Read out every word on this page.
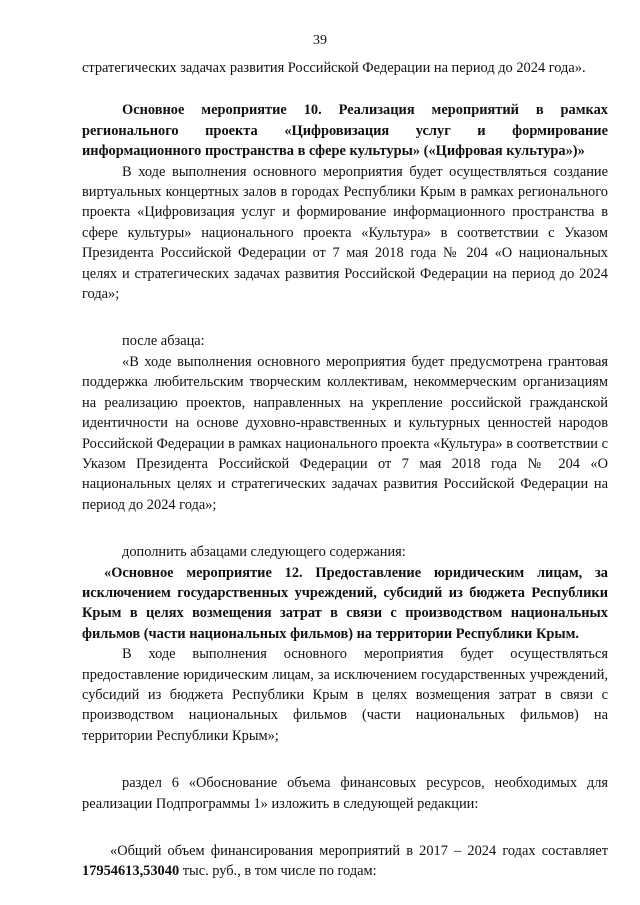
39

стратегических задачах развития Российской Федерации на период до 2024 года».

Основное мероприятие 10. Реализация мероприятий в рамках регионального проекта «Цифровизация услуг и формирование информационного пространства в сфере культуры» («Цифровая культура»)»

В ходе выполнения основного мероприятия будет осуществляться создание виртуальных концертных залов в городах Республики Крым в рамках регионального проекта «Цифровизация услуг и формирование информационного пространства в сфере культуры» национального проекта «Культура» в соответствии с Указом Президента Российской Федерации от 7 мая 2018 года № 204 «О национальных целях и стратегических задачах развития Российской Федерации на период до 2024 года»;

после абзаца:

«В ходе выполнения основного мероприятия будет предусмотрена грантовая поддержка любительским творческим коллективам, некоммерческим организациям на реализацию проектов, направленных на укрепление российской гражданской идентичности на основе духовно-нравственных и культурных ценностей народов Российской Федерации в рамках национального проекта «Культура» в соответствии с Указом Президента Российской Федерации от 7 мая 2018 года № 204 «О национальных целях и стратегических задачах развития Российской Федерации на период до 2024 года»;

дополнить абзацами следующего содержания:

«Основное мероприятие 12. Предоставление юридическим лицам, за исключением государственных учреждений, субсидий из бюджета Республики Крым в целях возмещения затрат в связи с производством национальных фильмов (части национальных фильмов) на территории Республики Крым.

В ходе выполнения основного мероприятия будет осуществляться предоставление юридическим лицам, за исключением государственных учреждений, субсидий из бюджета Республики Крым в целях возмещения затрат в связи с производством национальных фильмов (части национальных фильмов) на территории Республики Крым»;

раздел 6 «Обоснование объема финансовых ресурсов, необходимых для реализации Подпрограммы 1» изложить в следующей редакции:

«Общий объем финансирования мероприятий в 2017 – 2024 годах составляет 17954613,53040 тыс. руб., в том числе по годам:
